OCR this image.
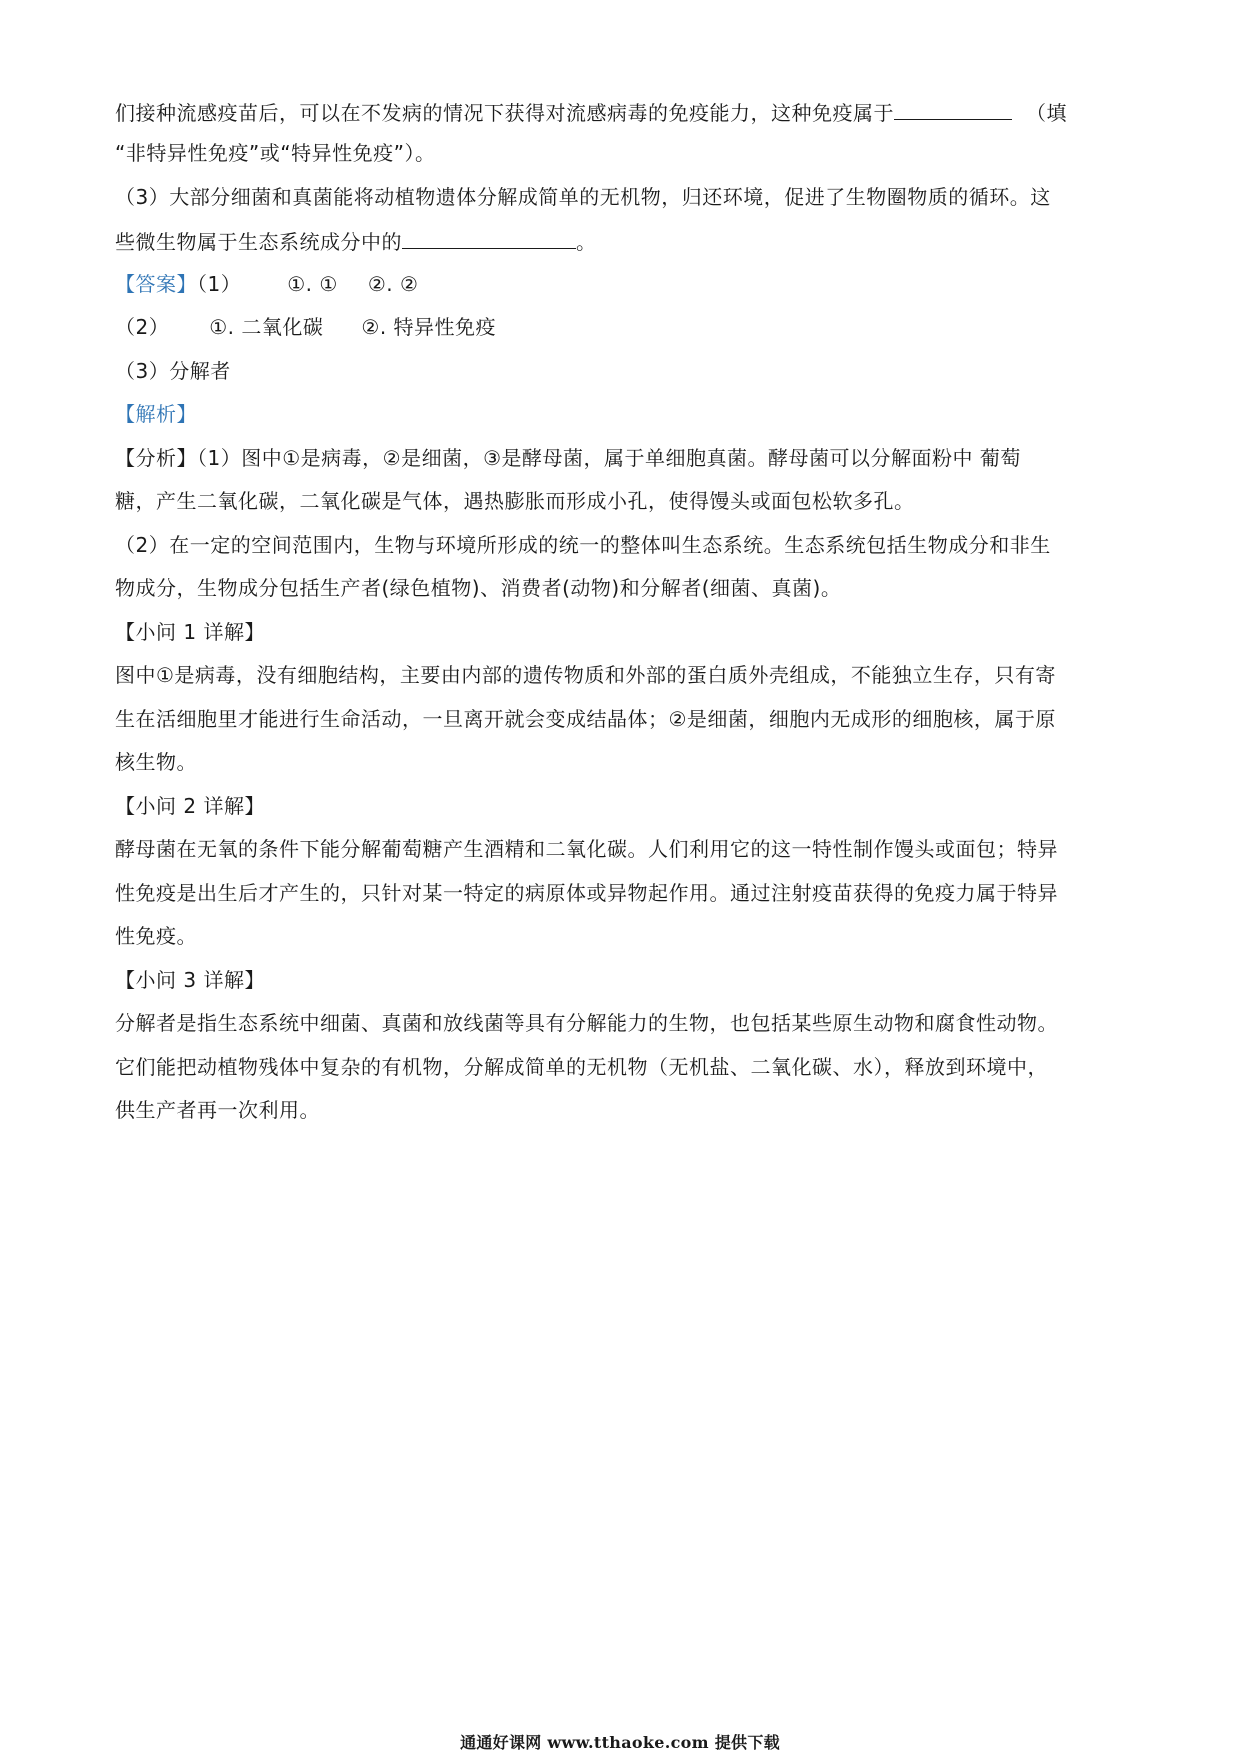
们接种流感疫苗后，可以在不发病的情况下获得对流感病毒的免疫能力，这种免疫属于	（填
“非特异性免疫”或“特异性免疫”）。
（3）大部分细菌和真菌能将动植物遗体分解成简单的无机物，归还环境，促进了生物圈物质的循环。这
些微生物属于生态系统成分中的	。
【答案】（1） ①. ① ②. ②
（2） ①. 二氧化碳 ②. 特异性免疫
（3）分解者
【解析】
【分析】（1）图中①是病毒，②是细菌，③是酵母菌，属于单细胞真菌。酵母菌可以分解面粉中 葡萄
糖，产生二氧化碳，二氧化碳是气体，遇热膨胀而形成小孔，使得馒头或面包松软多孔。
（2）在一定的空间范围内，生物与环境所形成的统一的整体叫生态系统。生态系统包括生物成分和非生
物成分，生物成分包括生产者(绿色植物)、消费者(动物)和分解者(细菌、真菌)。
【小问 1 详解】
图中①是病毒，没有细胞结构，主要由内部的遗传物质和外部的蛋白质外壳组成，不能独立生存，只有寄
生在活细胞里才能进行生命活动，一旦离开就会变成结晶体；②是细菌，细胞内无成形的细胞核，属于原
核生物。
【小问 2 详解】
酵母菌在无氧的条件下能分解葡萄糖产生酒精和二氧化碳。人们利用它的这一特性制作馒头或面包；特异
性免疫是出生后才产生的，只针对某一特定的病原体或异物起作用。通过注射疫苗获得的免疫力属于特异
性免疫。
【小问 3 详解】
分解者是指生态系统中细菌、真菌和放线菌等具有分解能力的生物，也包括某些原生动物和腐食性动物。
它们能把动植物残体中复杂的有机物，分解成简单的无机物（无机盐、二氧化碳、水），释放到环境中，
供生产者再一次利用。
通通好课网 www.tthaoke.com 提供下载
